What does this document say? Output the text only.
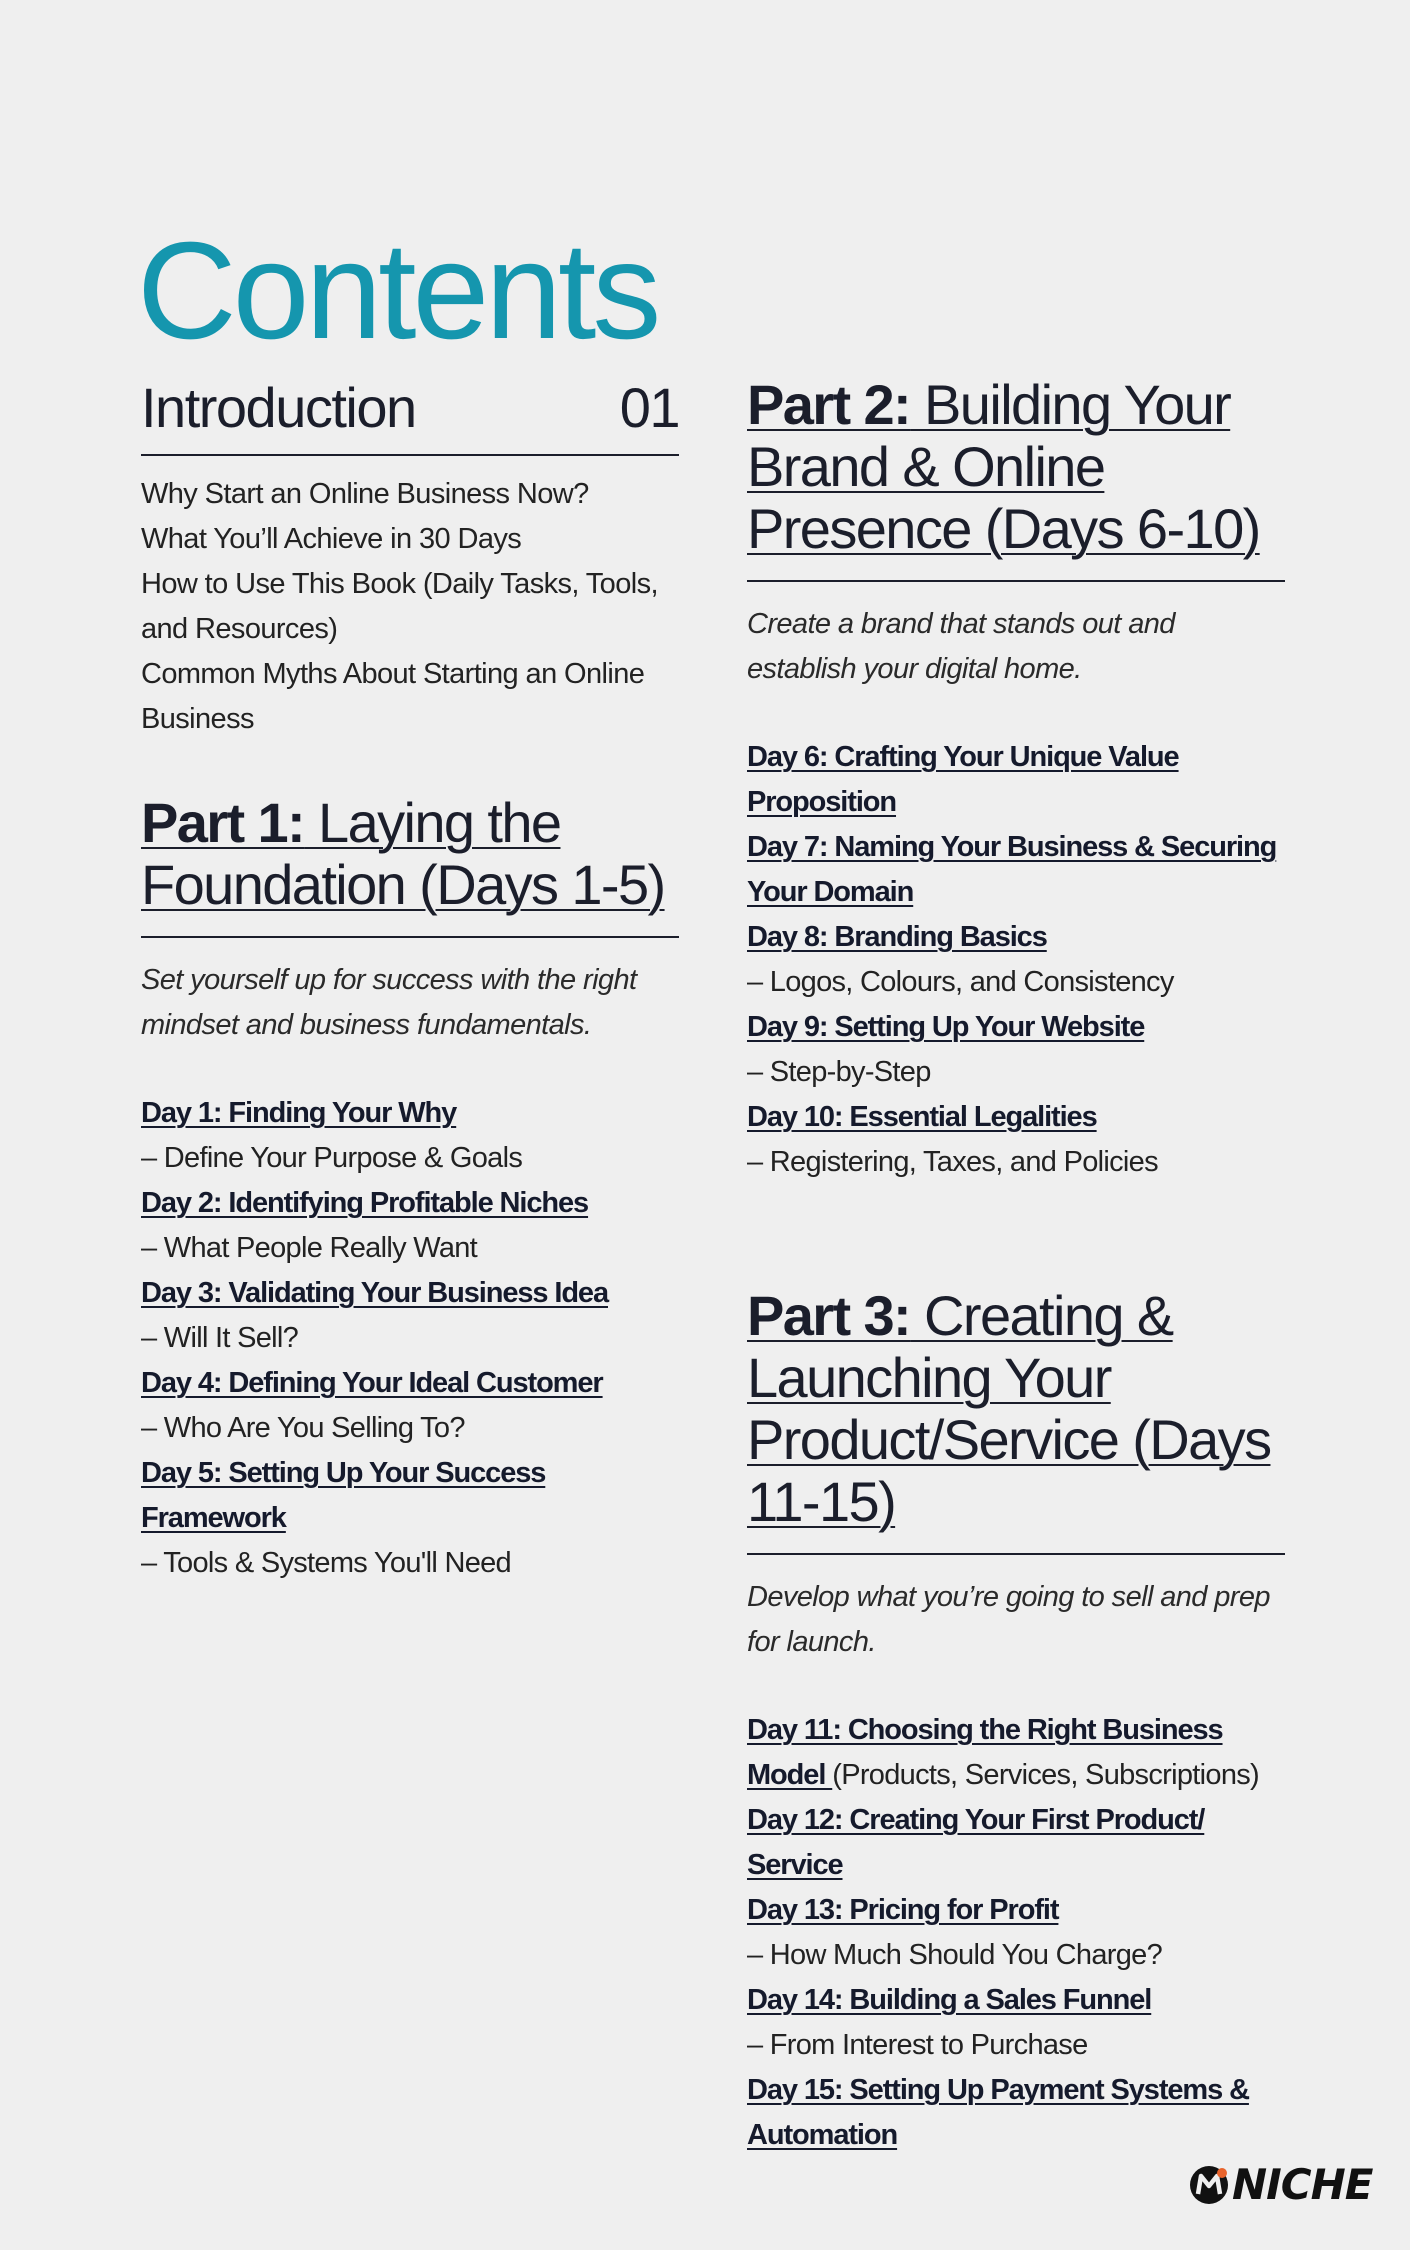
Contents
Introduction	01
Why Start an Online Business Now?
What You’ll Achieve in 30 Days
How to Use This Book (Daily Tasks, Tools, and Resources)
Common Myths About Starting an Online Business
Part 1: Laying the Foundation (Days 1-5)
Set yourself up for success with the right mindset and business fundamentals.
Day 1: Finding Your Why
– Define Your Purpose & Goals
Day 2: Identifying Profitable Niches
– What People Really Want
Day 3: Validating Your Business Idea
– Will It Sell?
Day 4: Defining Your Ideal Customer
– Who Are You Selling To?
Day 5: Setting Up Your Success Framework
– Tools & Systems You'll Need
Part 2: Building Your Brand & Online Presence (Days 6-10)
Create a brand that stands out and establish your digital home.
Day 6: Crafting Your Unique Value Proposition
Day 7: Naming Your Business & Securing Your Domain
Day 8: Branding Basics
– Logos, Colours, and Consistency
Day 9: Setting Up Your Website
– Step-by-Step
Day 10: Essential Legalities
– Registering, Taxes, and Policies
Part 3: Creating & Launching Your Product/Service (Days 11-15)
Develop what you’re going to sell and prep for launch.
Day 11: Choosing the Right Business Model (Products, Services, Subscriptions)
Day 12: Creating Your First Product/ Service
Day 13: Pricing for Profit
– How Much Should You Charge?
Day 14: Building a Sales Funnel
– From Interest to Purchase
Day 15: Setting Up Payment Systems & Automation
NICHE
